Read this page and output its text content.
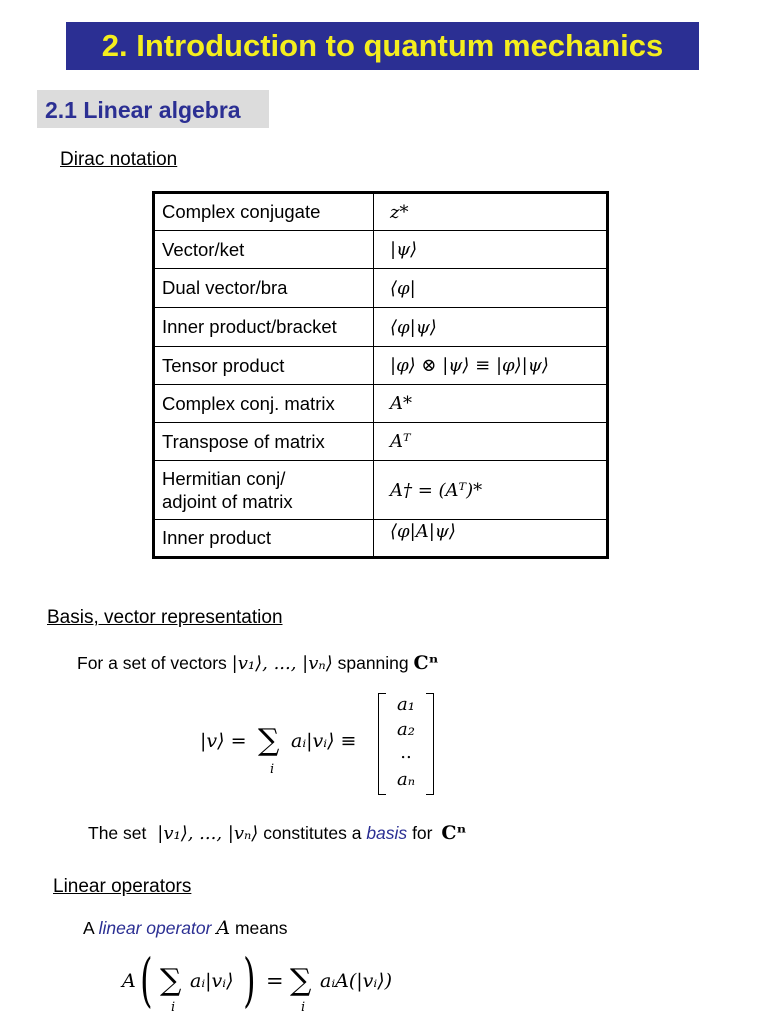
2. Introduction to quantum mechanics
2.1 Linear algebra
Dirac notation
Complex conjugate	z*
Vector/ket	|ψ⟩
Dual vector/bra	⟨φ|
Inner product/bracket	⟨φ|ψ⟩
Tensor product	|φ⟩ ⊗ |ψ⟩ ≡ |φ⟩|ψ⟩
Complex conj. matrix	A*
Transpose of matrix	Aᵀ
Hermitian conj/
adjoint of matrix	A† = (Aᵀ)*
Inner product	⟨φ|A|ψ⟩
Basis, vector representation
For a set of vectors |v₁⟩, ..., |vₙ⟩ spanning Cⁿ
|v⟩ = ∑
i
aᵢ|vᵢ⟩ ≡
a₁
a₂
..
aₙ
The set |v₁⟩, ..., |vₙ⟩ constitutes a basis for Cⁿ
Linear operators
A linear operator A means
A ( ∑
i
aᵢ|vᵢ⟩ ) = ∑
i
aᵢA(|vᵢ⟩)
